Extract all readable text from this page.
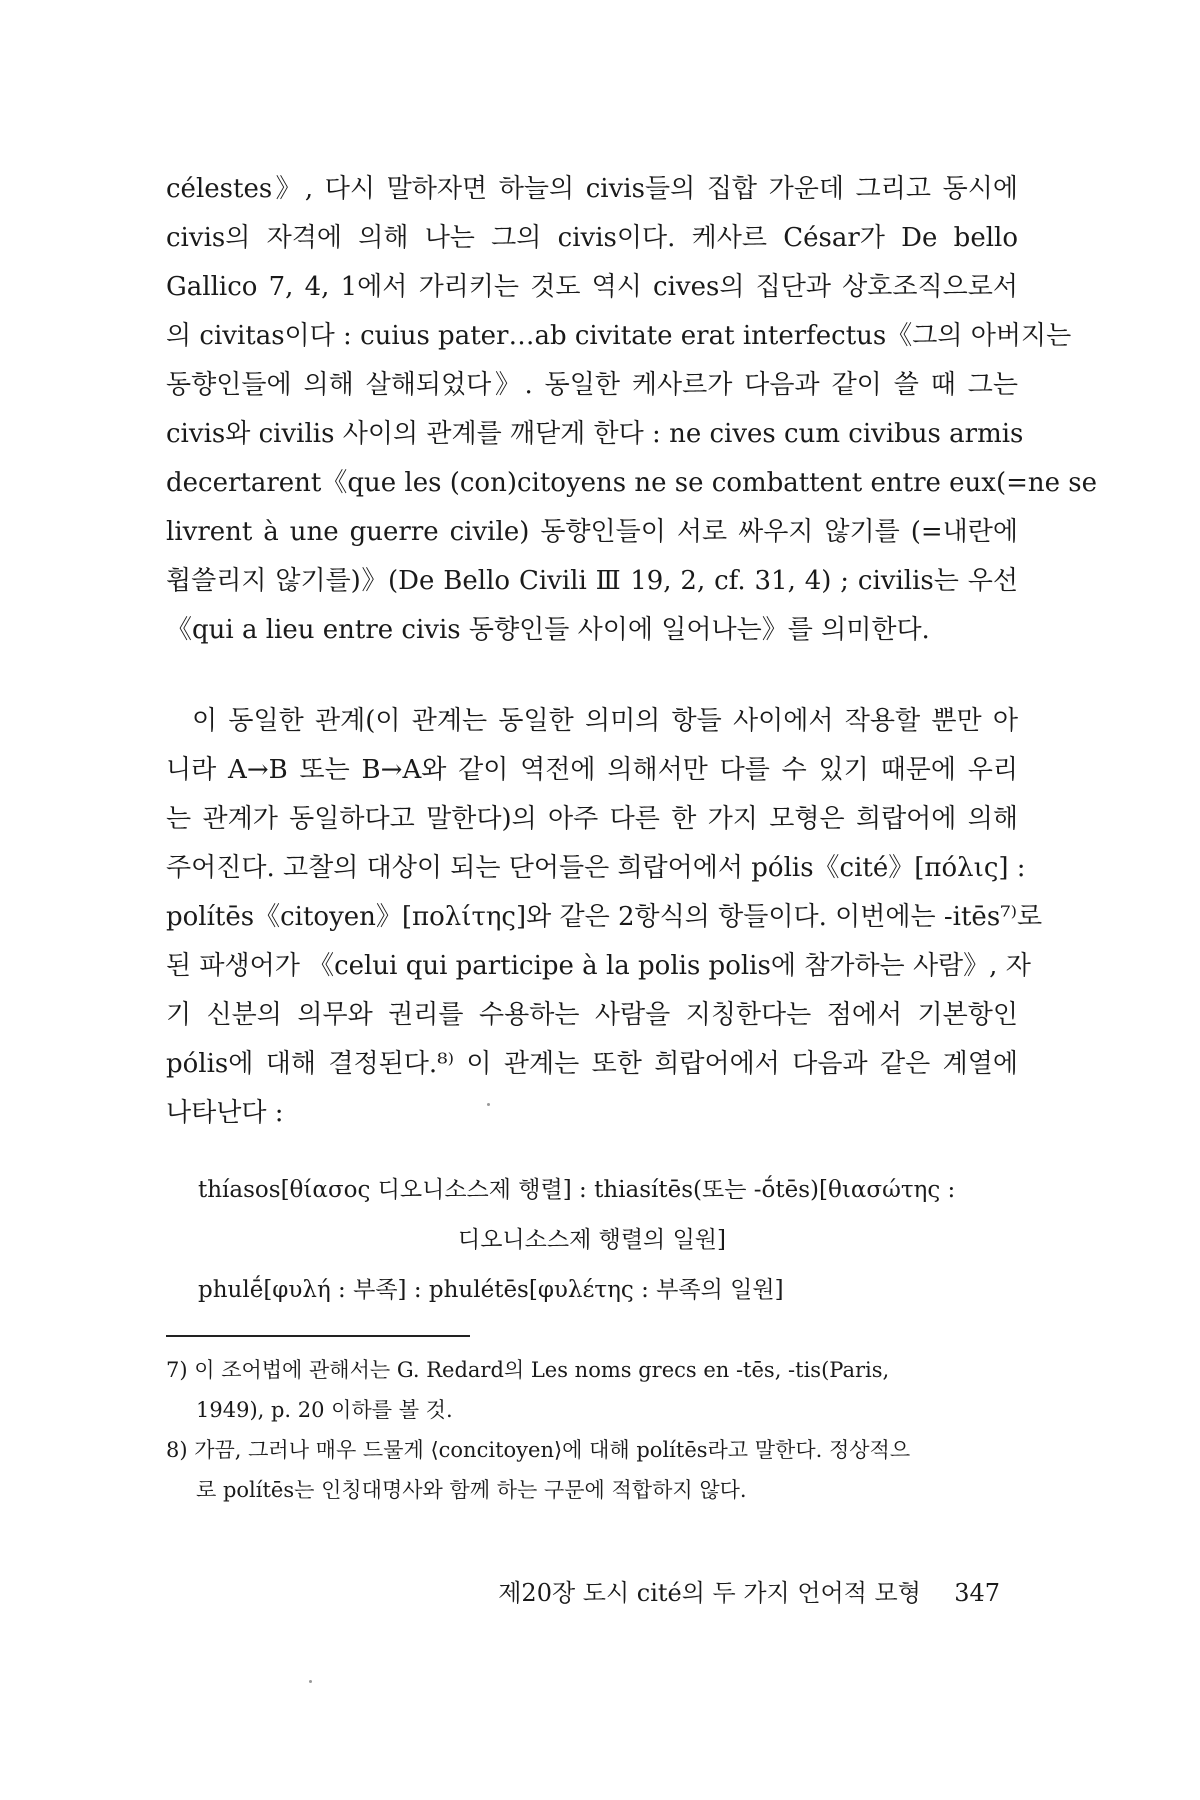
célestes》, 다시 말하자면 하늘의 civis들의 집합 가운데 그리고 동시에

civis의 자격에 의해 나는 그의 civis이다. 케사르 César가 De bello

Gallico 7, 4, 1에서 가리키는 것도 역시 cives의 집단과 상호조직으로서

의 civitas이다 : cuius pater…ab civitate erat interfectus《그의 아버지는

동향인들에 의해 살해되었다》. 동일한 케사르가 다음과 같이 쓸 때 그는

civis와 civilis 사이의 관계를 깨닫게 한다 : ne cives cum civibus armis

decertarent《que les (con)citoyens ne se combattent entre eux(=ne se

livrent à une guerre civile) 동향인들이 서로 싸우지 않기를 (=내란에

휩쓸리지 않기를)》(De Bello Civili Ⅲ 19, 2, cf. 31, 4) ; civilis는 우선

《qui a lieu entre civis 동향인들 사이에 일어나는》를 의미한다.

이 동일한 관계(이 관계는 동일한 의미의 항들 사이에서 작용할 뿐만 아

니라 A→B 또는 B→A와 같이 역전에 의해서만 다를 수 있기 때문에 우리

는 관계가 동일하다고 말한다)의 아주 다른 한 가지 모형은 희랍어에 의해

주어진다. 고찰의 대상이 되는 단어들은 희랍어에서 pólis《cité》[πόλις] :

polítēs《citoyen》[πολίτης]와 같은 2항식의 항들이다. 이번에는 -itēs⁷⁾로

된 파생어가 《celui qui participe à la polis polis에 참가하는 사람》, 자

기 신분의 의무와 권리를 수용하는 사람을 지칭한다는 점에서 기본항인

pólis에 대해 결정된다.⁸⁾ 이 관계는 또한 희랍어에서 다음과 같은 계열에

나타난다 :

thíasos[θίασος 디오니소스제 행렬] : thiasítēs(또는 -ṓtēs)[θιασώτης :

디오니소스제 행렬의 일원]

phulḗ[φυλή : 부족] : phulétēs[φυλέτης : 부족의 일원]

7) 이 조어법에 관해서는 G. Redard의 Les noms grecs en -tēs, -tis(Paris,

1949), p. 20 이하를 볼 것.

8) 가끔, 그러나 매우 드물게 ⟨concitoyen⟩에 대해 polítēs라고 말한다. 정상적으

로 polítēs는 인칭대명사와 함께 하는 구문에 적합하지 않다.

제20장 도시 cité의 두 가지 언어적 모형 347
